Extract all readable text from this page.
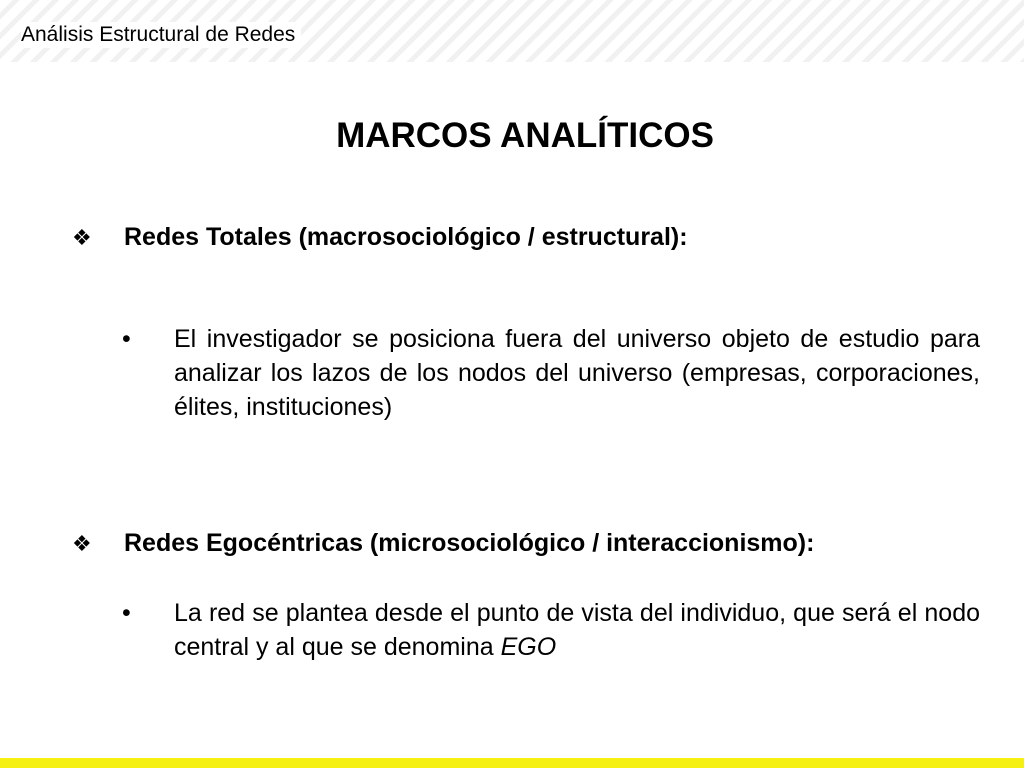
Análisis Estructural de Redes
MARCOS ANALÍTICOS
❖	Redes Totales (macrosociológico / estructural):
•	El investigador se posiciona fuera del universo objeto de estudio para analizar los lazos de los nodos del universo (empresas, corporaciones, élites, instituciones)
❖	Redes Egocéntricas (microsociológico / interaccionismo):
•	La red se plantea desde el punto de vista del individuo, que será el nodo central y al que se denomina EGO
